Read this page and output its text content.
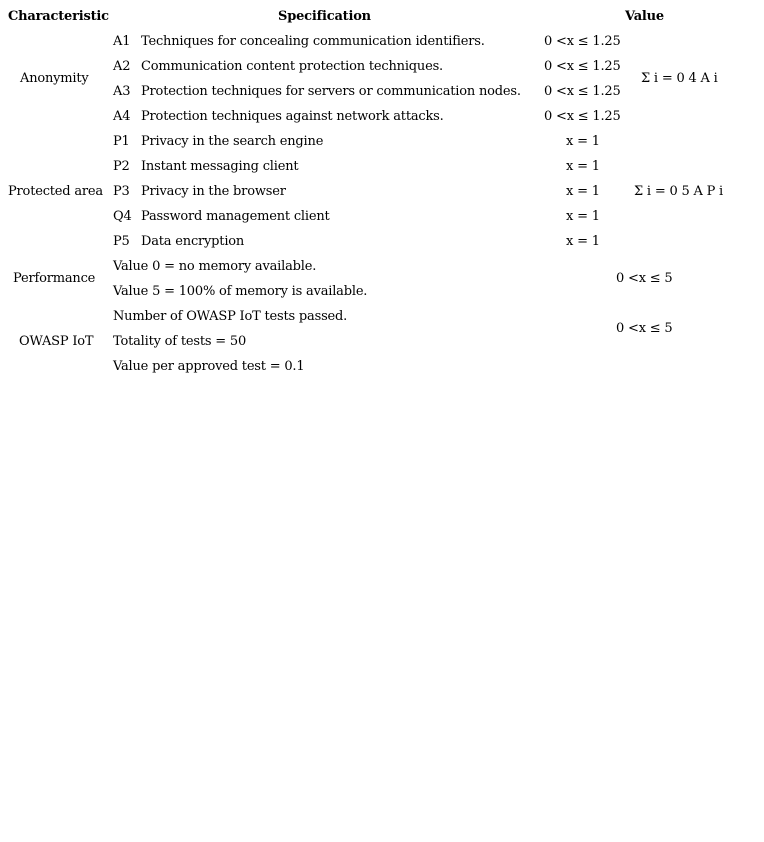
Characteristic	Specification	Value
Anonymity
A1 Techniques for concealing communication identifiers.	0 <x ≤ 1.25
A2 Communication content protection techniques.	0 <x ≤ 1.25
A3 Protection techniques for servers or communication nodes. 0 <x ≤ 1.25
A4 Protection techniques against network attacks.	0 <x ≤ 1.25
Σ i = 0 4 A i
Protected area
P1 Privacy in the search engine	x = 1
P2 Instant messaging client	x = 1
P3 Privacy in the browser	x = 1
Q4 Password management client	x = 1
P5 Data encryption	x = 1
Σ i = 0 5 A P i
Performance
Value 0 = no memory available.
Value 5 = 100% of memory is available.
0 <x ≤ 5
OWASP IoT
Number of OWASP IoT tests passed.
Totality of tests = 50
Value per approved test = 0.1
0 <x ≤ 5
